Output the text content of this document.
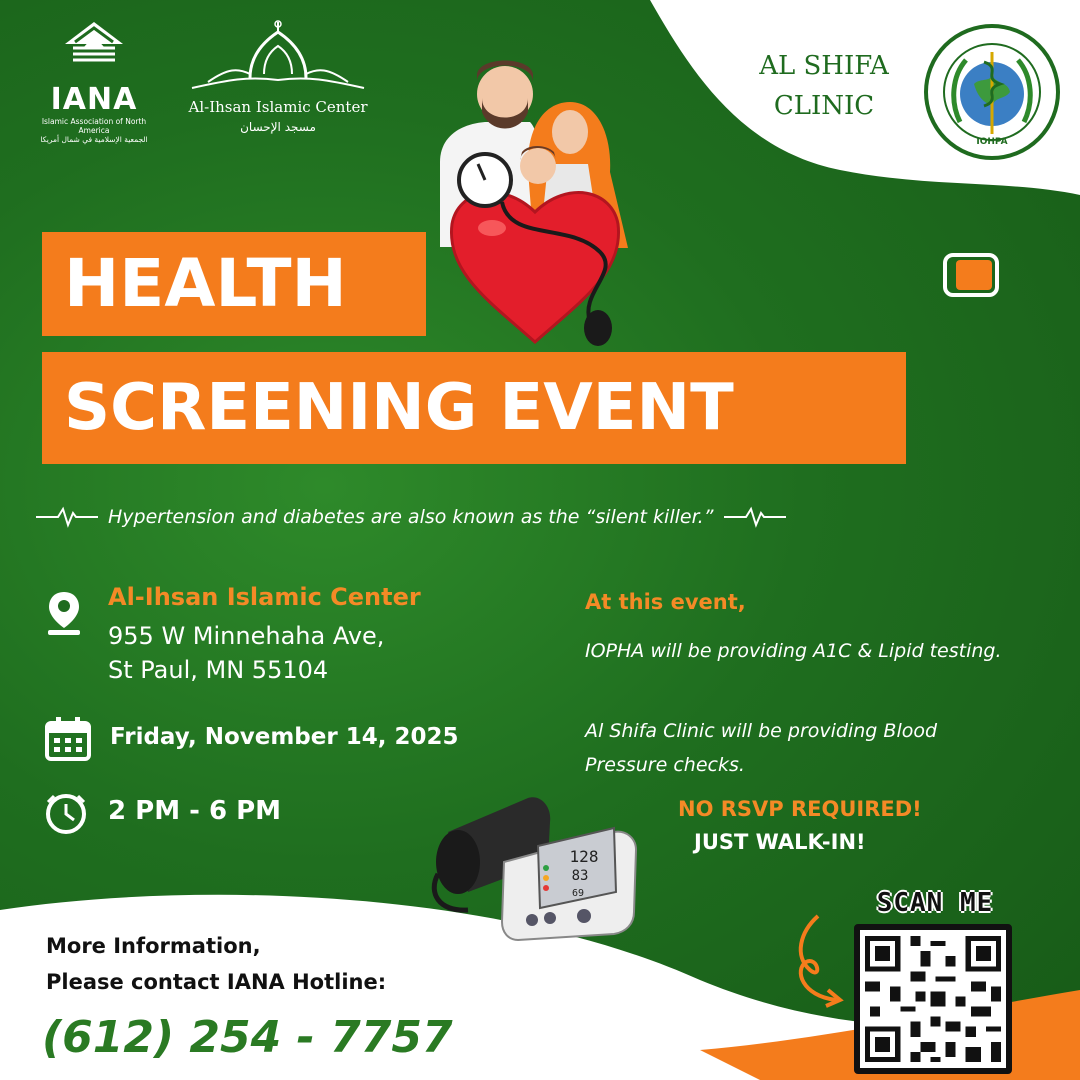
IANA
Islamic Association of North America
الجمعية الإسلامية في شمال أمريكا
Al-Ihsan Islamic Center
مسجد الإحسان
AL SHIFA
CLINIC
IOHPA
HEALTH
SCREENING EVENT
Hypertension and diabetes are also known as the “silent killer.”
Al-Ihsan Islamic Center
955 W Minnehaha Ave,
St Paul, MN 55104
Friday, November 14, 2025
2 PM - 6 PM
At this event,
IOPHA will be providing A1C & Lipid testing.
Al Shifa Clinic will be providing Blood Pressure checks.
NO RSVP REQUIRED!
JUST WALK-IN!
128
83
69
More Information,
Please contact IANA Hotline:
(612) 254 - 7757
SCAN ME
